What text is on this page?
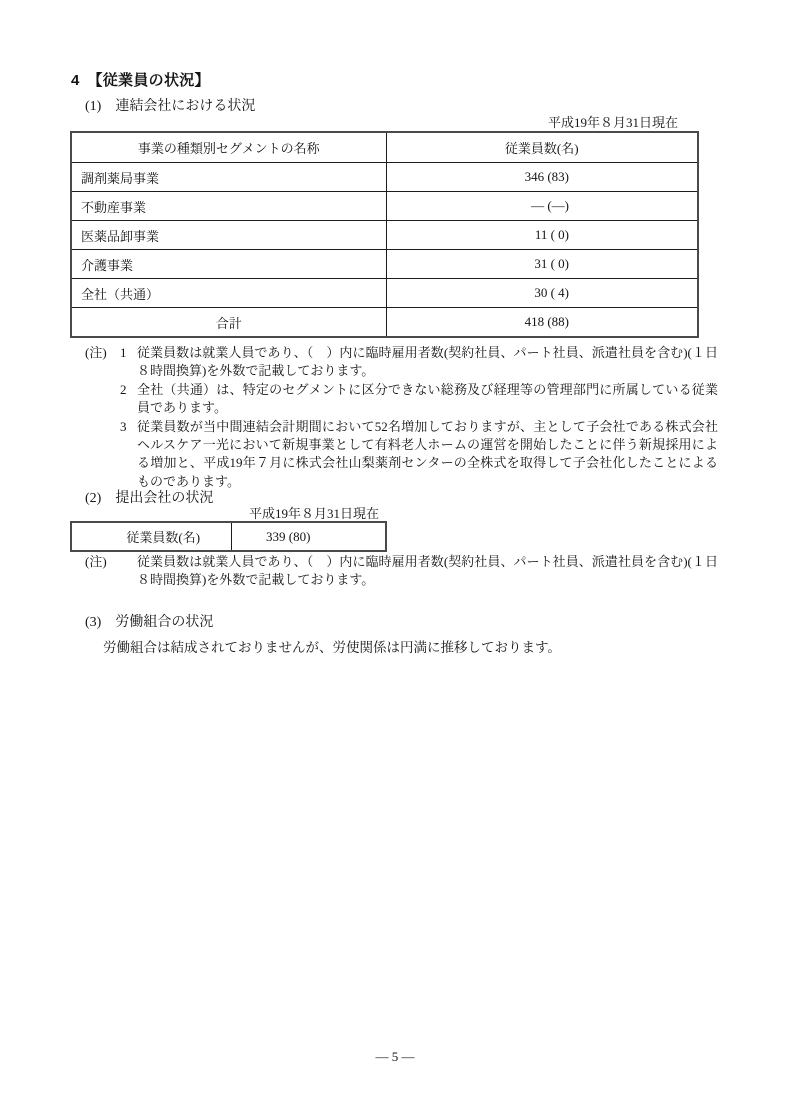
4　【従業員の状況】
(1)　連結会社における状況
平成19年８月31日現在
事業の種類別セグメントの名称	従業員数(名)
調剤薬局事業	346 (83)
不動産事業	― (―)
医薬品卸事業	11 ( 0)
介護事業	31 ( 0)
全社（共通）	30 ( 4)
合計	418 (88)
(注)	1 従業員数は就業人員であり、（　）内に臨時雇用者数(契約社員、パート社員、派遣社員を含む)(１日８時間換算)を外数で記載しております。
2 全社（共通）は、特定のセグメントに区分できない総務及び経理等の管理部門に所属している従業員であります。
3 従業員数が当中間連結会計期間において52名増加しておりますが、主として子会社である株式会社ヘルスケア一光において新規事業として有料老人ホームの運営を開始したことに伴う新規採用による増加と、平成19年７月に株式会社山梨薬剤センターの全株式を取得して子会社化したことによるものであります。
(2)　提出会社の状況
平成19年８月31日現在
従業員数(名)	339 (80)
(注)	従業員数は就業人員であり、（　）内に臨時雇用者数(契約社員、パート社員、派遣社員を含む)(１日８時間換算)を外数で記載しております。
(3)　労働組合の状況
労働組合は結成されておりませんが、労使関係は円満に推移しております。
― 5 ―
